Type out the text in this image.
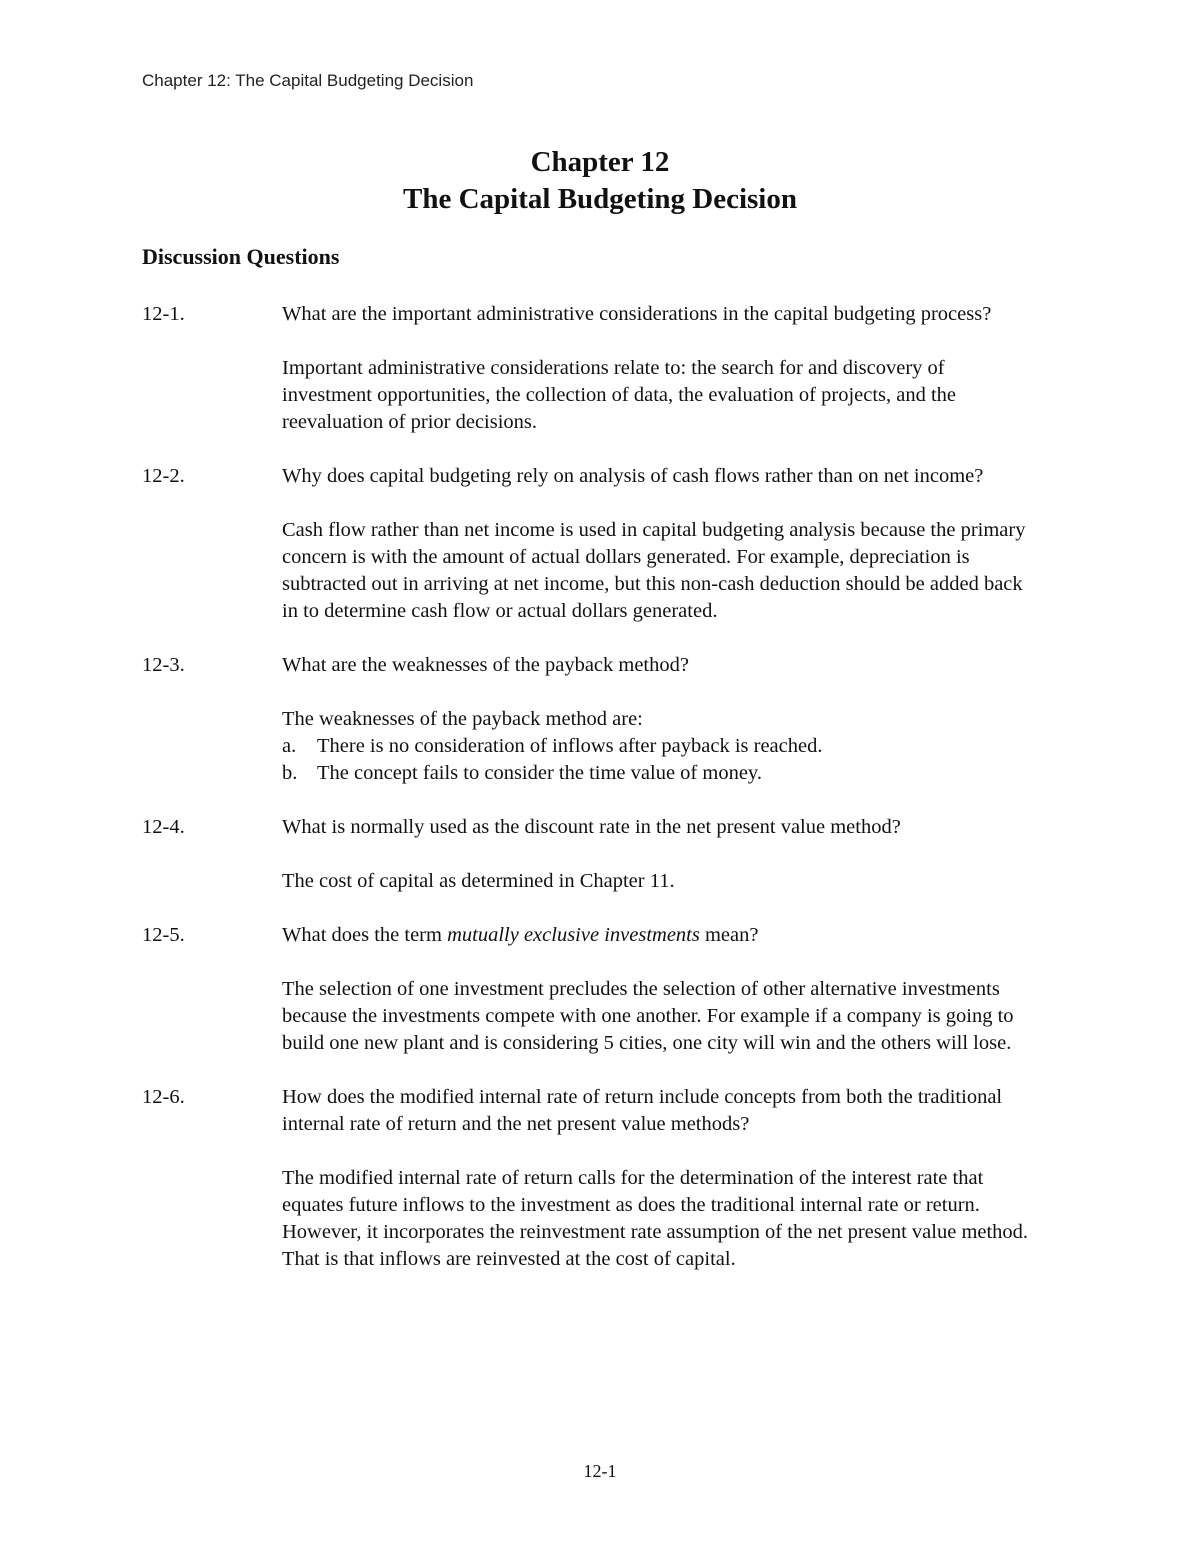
Chapter 12: The Capital Budgeting Decision
Chapter 12
The Capital Budgeting Decision
Discussion Questions
12-1.	What are the important administrative considerations in the capital budgeting process?

Important administrative considerations relate to: the search for and discovery of investment opportunities, the collection of data, the evaluation of projects, and the reevaluation of prior decisions.

12-2.	Why does capital budgeting rely on analysis of cash flows rather than on net income?

Cash flow rather than net income is used in capital budgeting analysis because the primary concern is with the amount of actual dollars generated. For example, depreciation is subtracted out in arriving at net income, but this non-cash deduction should be added back in to determine cash flow or actual dollars generated.

12-3.	What are the weaknesses of the payback method?

The weaknesses of the payback method are:
a.	There is no consideration of inflows after payback is reached.
b. The concept fails to consider the time value of money.
12-4.	What is normally used as the discount rate in the net present value method?

The cost of capital as determined in Chapter 11.

12-5.	What does the term mutually exclusive investments mean?

The selection of one investment precludes the selection of other alternative investments because the investments compete with one another. For example if a company is going to build one new plant and is considering 5 cities, one city will win and the others will lose.

12-6.	How does the modified internal rate of return include concepts from both the traditional internal rate of return and the net present value methods?

The modified internal rate of return calls for the determination of the interest rate that equates future inflows to the investment as does the traditional internal rate or return. However, it incorporates the reinvestment rate assumption of the net present value method. That is that inflows are reinvested at the cost of capital.

12-1
